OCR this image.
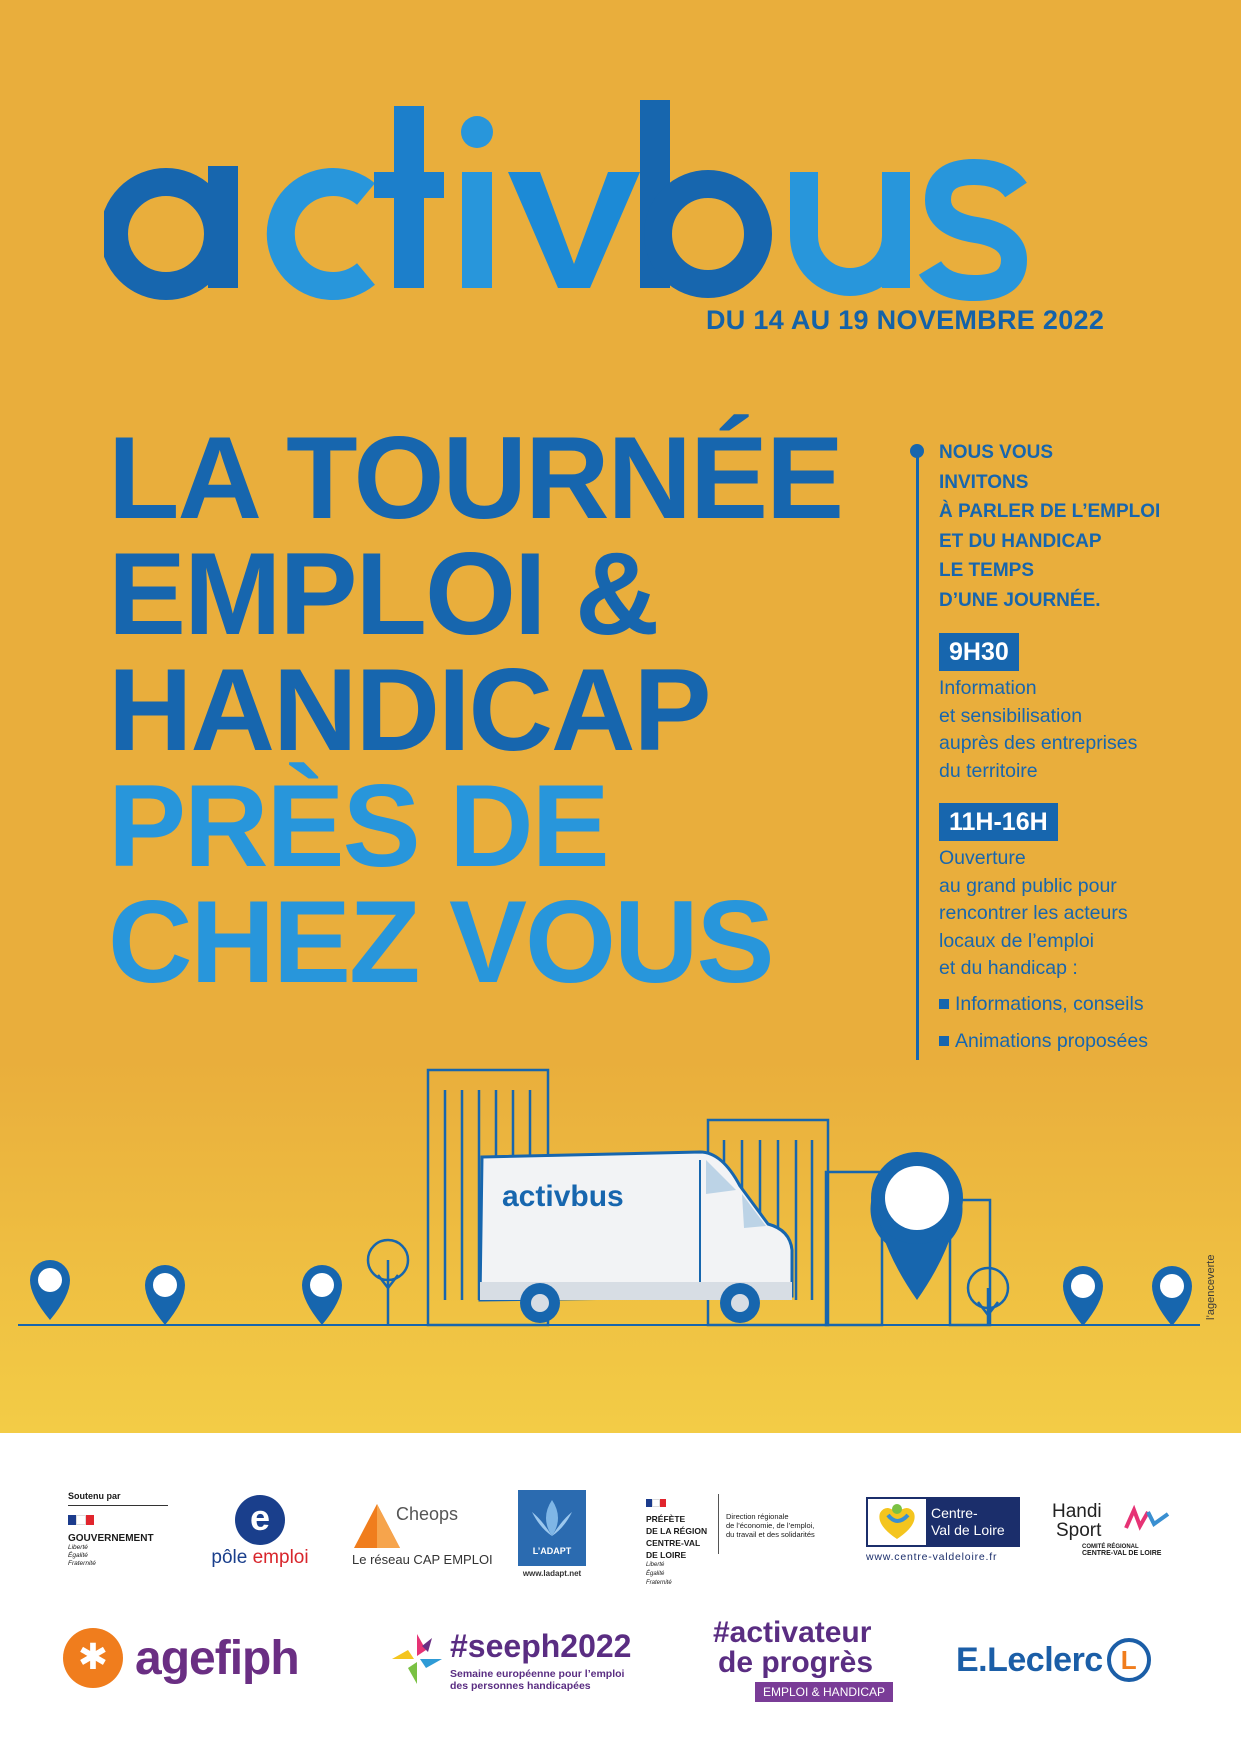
DU 14 AU 19 NOVEMBRE 2022
LA TOURNÉE
EMPLOI &
HANDICAP
PRÈS DE
CHEZ VOUS
NOUS VOUS
INVITONS
À PARLER DE L’EMPLOI
ET DU HANDICAP
LE TEMPS
D’UNE JOURNÉE.
9H30
Information
et sensibilisation
auprès des entreprises
du territoire
11H-16H
Ouverture
au grand public pour
rencontrer les acteurs
locaux de l’emploi
et du handicap :
Informations, conseils
Animations proposées
activbus
l’agenceverte
Soutenu par
GOUVERNEMENT
Liberté
Égalité
Fraternité
e
pôle emploi
Cheops
Le réseau CAP EMPLOI
L’ADAPT
www.ladapt.net
PRÉFÈTE
DE LA RÉGION
CENTRE-VAL
DE LOIRE
Liberté
Égalité
Fraternité
Direction régionale
de l’économie, de l’emploi,
du travail et des solidarités
Centre-
Val de Loire
www.centre-valdeloire.fr
Handi
Sport
COMITÉ RÉGIONAL
CENTRE-VAL DE LOIRE
✱ agefiph	#seeph2022
Semaine européenne pour l’emploi
des personnes handicapées
#activateur
de progrès
EMPLOI & HANDICAP
E.Leclerc L
